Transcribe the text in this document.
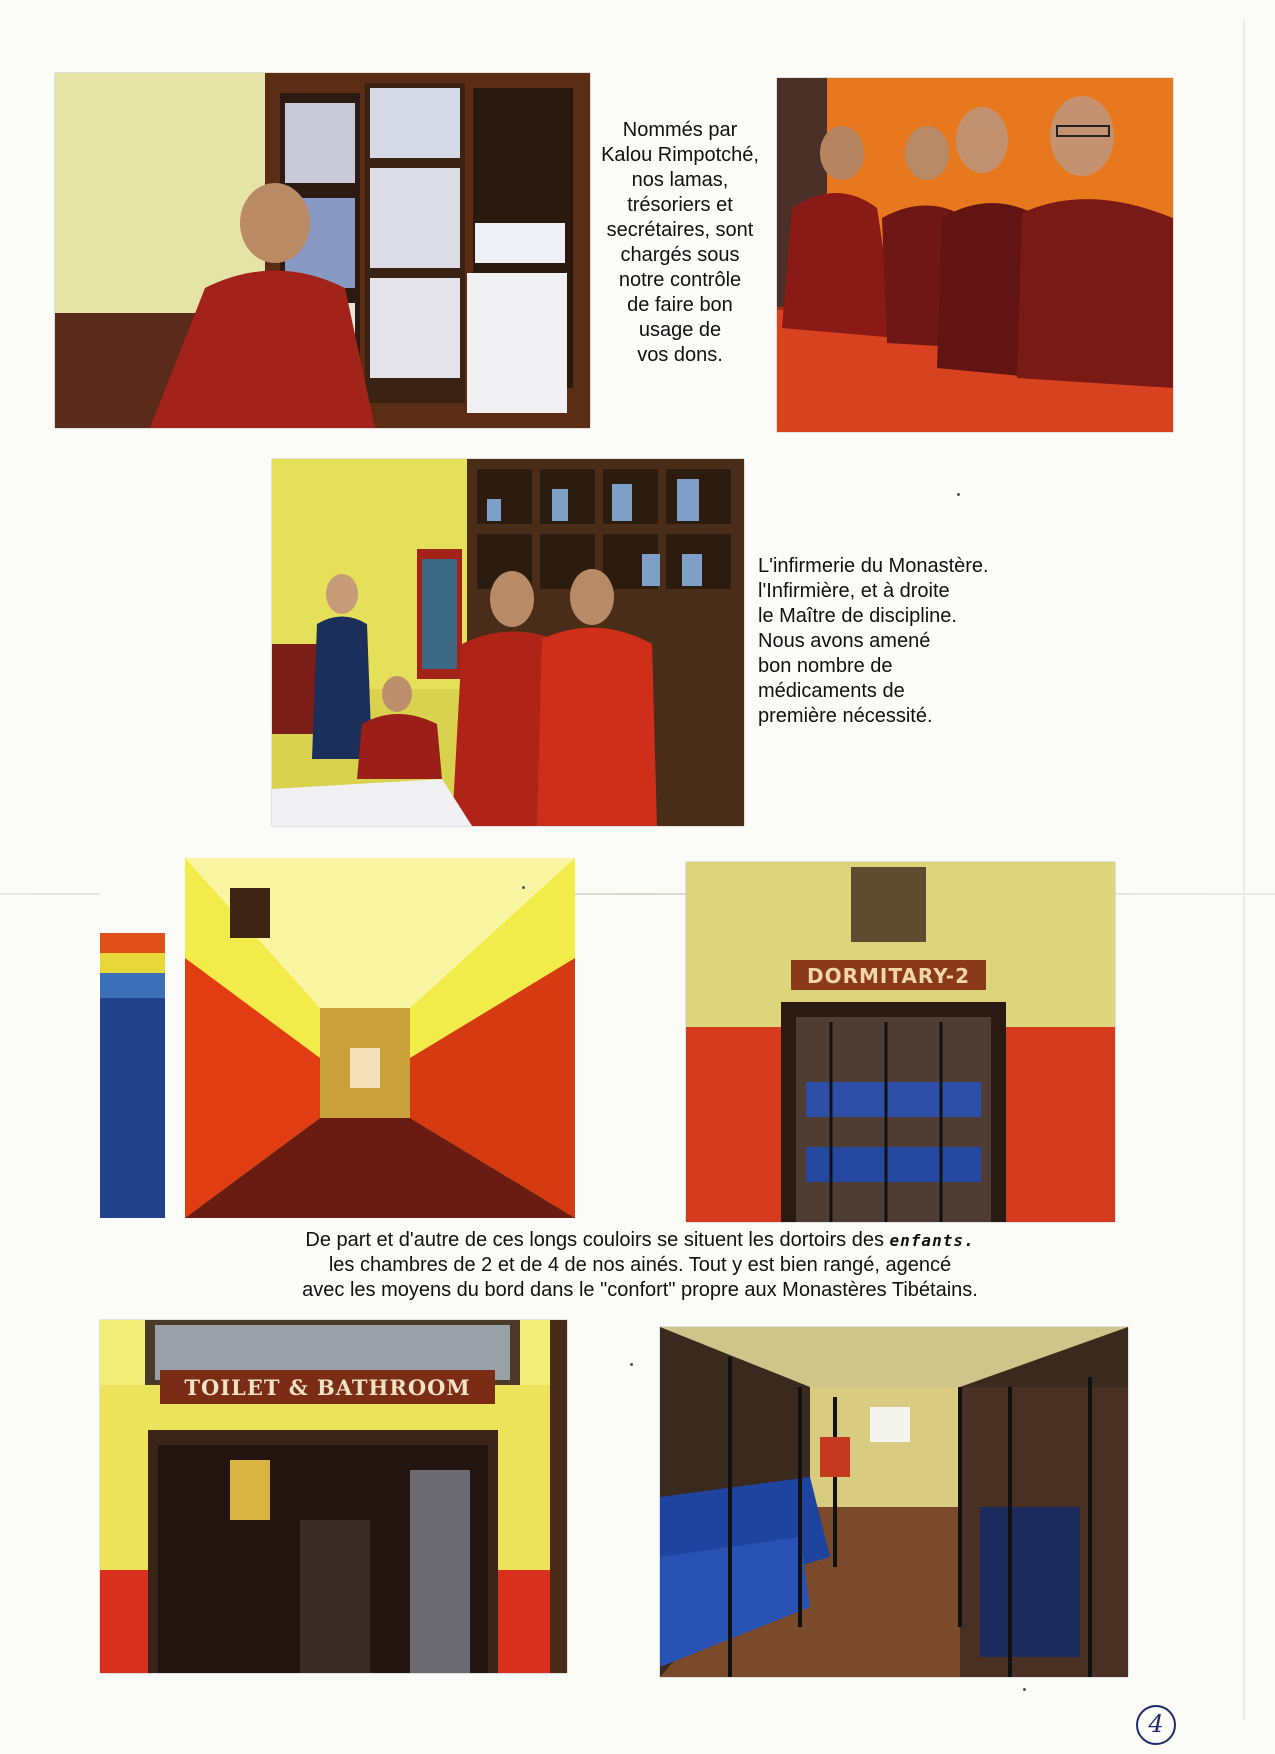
Nommés par
Kalou Rimpotché,
nos lamas,
trésoriers et
secrétaires, sont
chargés sous
notre contrôle
de faire bon
usage de
vos dons.
L'infirmerie du Monastère.
l'Infirmière, et à droite
le Maître de discipline.
Nous avons amené
bon nombre de
médicaments de
première nécessité.
DORMITARY-2
De part et d'autre de ces longs couloirs se situent les dortoirs des enfants.
les chambres de 2 et de 4 de nos ainés. Tout y est bien rangé, agencé
avec les moyens du bord dans le "confort" propre aux Monastères Tibétains.
TOILET & BATHROOM
4
